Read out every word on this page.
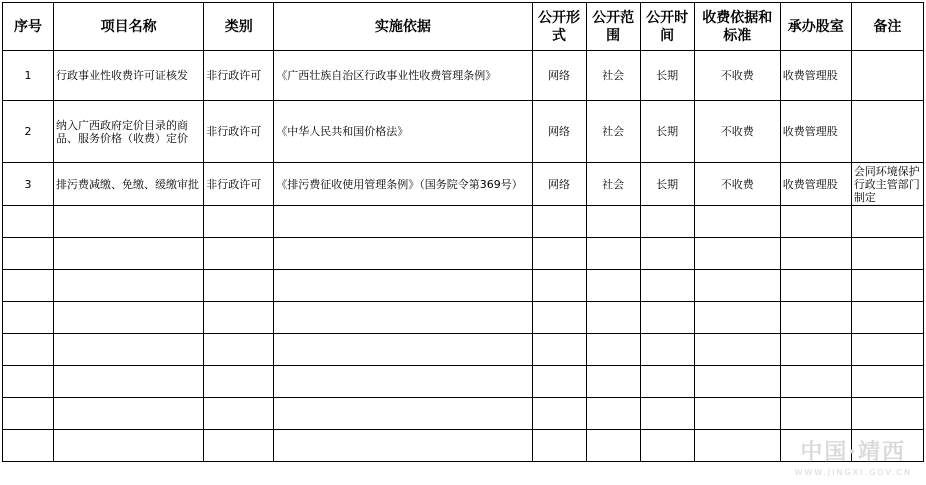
序号	项目名称	类别	实施依据	公开形式	公开范围	公开时间	收费依据和标准	承办股室	备注
1	行政事业性收费许可证核发	非行政许可	《广西壮族自治区行政事业性收费管理条例》	网络	社会	长期	不收费	收费管理股	
2	纳入广西政府定价目录的商品、服务价格（收费）定价	非行政许可	《中华人民共和国价格法》	网络	社会	长期	不收费	收费管理股	
3	排污费减缴、免缴、缓缴审批	非行政许可	《排污费征收使用管理条例》（国务院令第369号）	网络	社会	长期	不收费	收费管理股	会同环境保护行政主管部门制定

中国·靖西
WWW.JINGXI.GOV.CN
